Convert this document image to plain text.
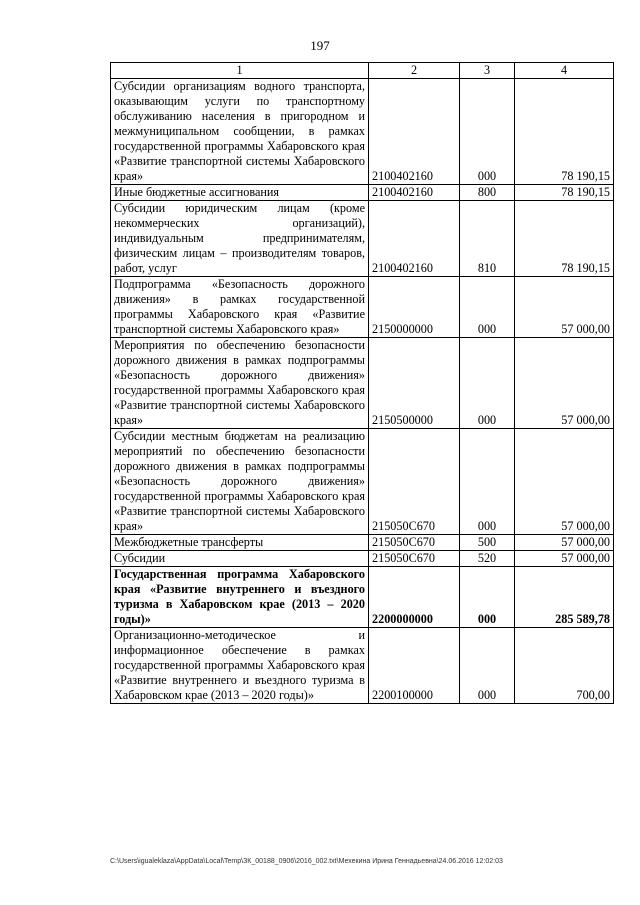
197
1	2	3	4
Субсидии организациям водного транспорта, оказывающим услуги по транспортному обслуживанию населения в пригородном и межмуниципальном сообщении, в рамках государственной программы Хабаровского края «Развитие транспортной системы Хабаровского края»	2100402160	000	78 190,15
Иные бюджетные ассигнования	2100402160	800	78 190,15
Субсидии юридическим лицам (кроме некоммерческих организаций), индивидуальным предпринимателям, физическим лицам – производителям товаров, работ, услуг	2100402160	810	78 190,15
Подпрограмма «Безопасность дорожного движения» в рамках государственной программы Хабаровского края «Развитие транспортной системы Хабаровского края»	2150000000	000	57 000,00
Мероприятия по обеспечению безопасности дорожного движения в рамках подпрограммы «Безопасность дорожного движения» государственной программы Хабаровского края «Развитие транспортной системы Хабаровского края»	2150500000	000	57 000,00
Субсидии местным бюджетам на реализацию мероприятий по обеспечению безопасности дорожного движения в рамках подпрограммы «Безопасность дорожного движения» государственной программы Хабаровского края «Развитие транспортной системы Хабаровского края»	215050С670	000	57 000,00
Межбюджетные трансферты	215050С670	500	57 000,00
Субсидии	215050С670	520	57 000,00
Государственная программа Хабаровского края «Развитие внутреннего и въездного туризма в Хабаровском крае (2013 – 2020 годы)»	2200000000	000	285 589,78
Организационно-методическое и информационное обеспечение в рамках государственной программы Хабаровского края «Развитие внутреннего и въездного туризма в Хабаровском крае (2013 – 2020 годы)»	2200100000	000	700,00
C:\Users\igualeklaza\AppData\Local\Temp\ЗК_00188_0906\2016_002.txt\Мехекина Ирина Геннадьевна\24.06.2016 12:02:03
